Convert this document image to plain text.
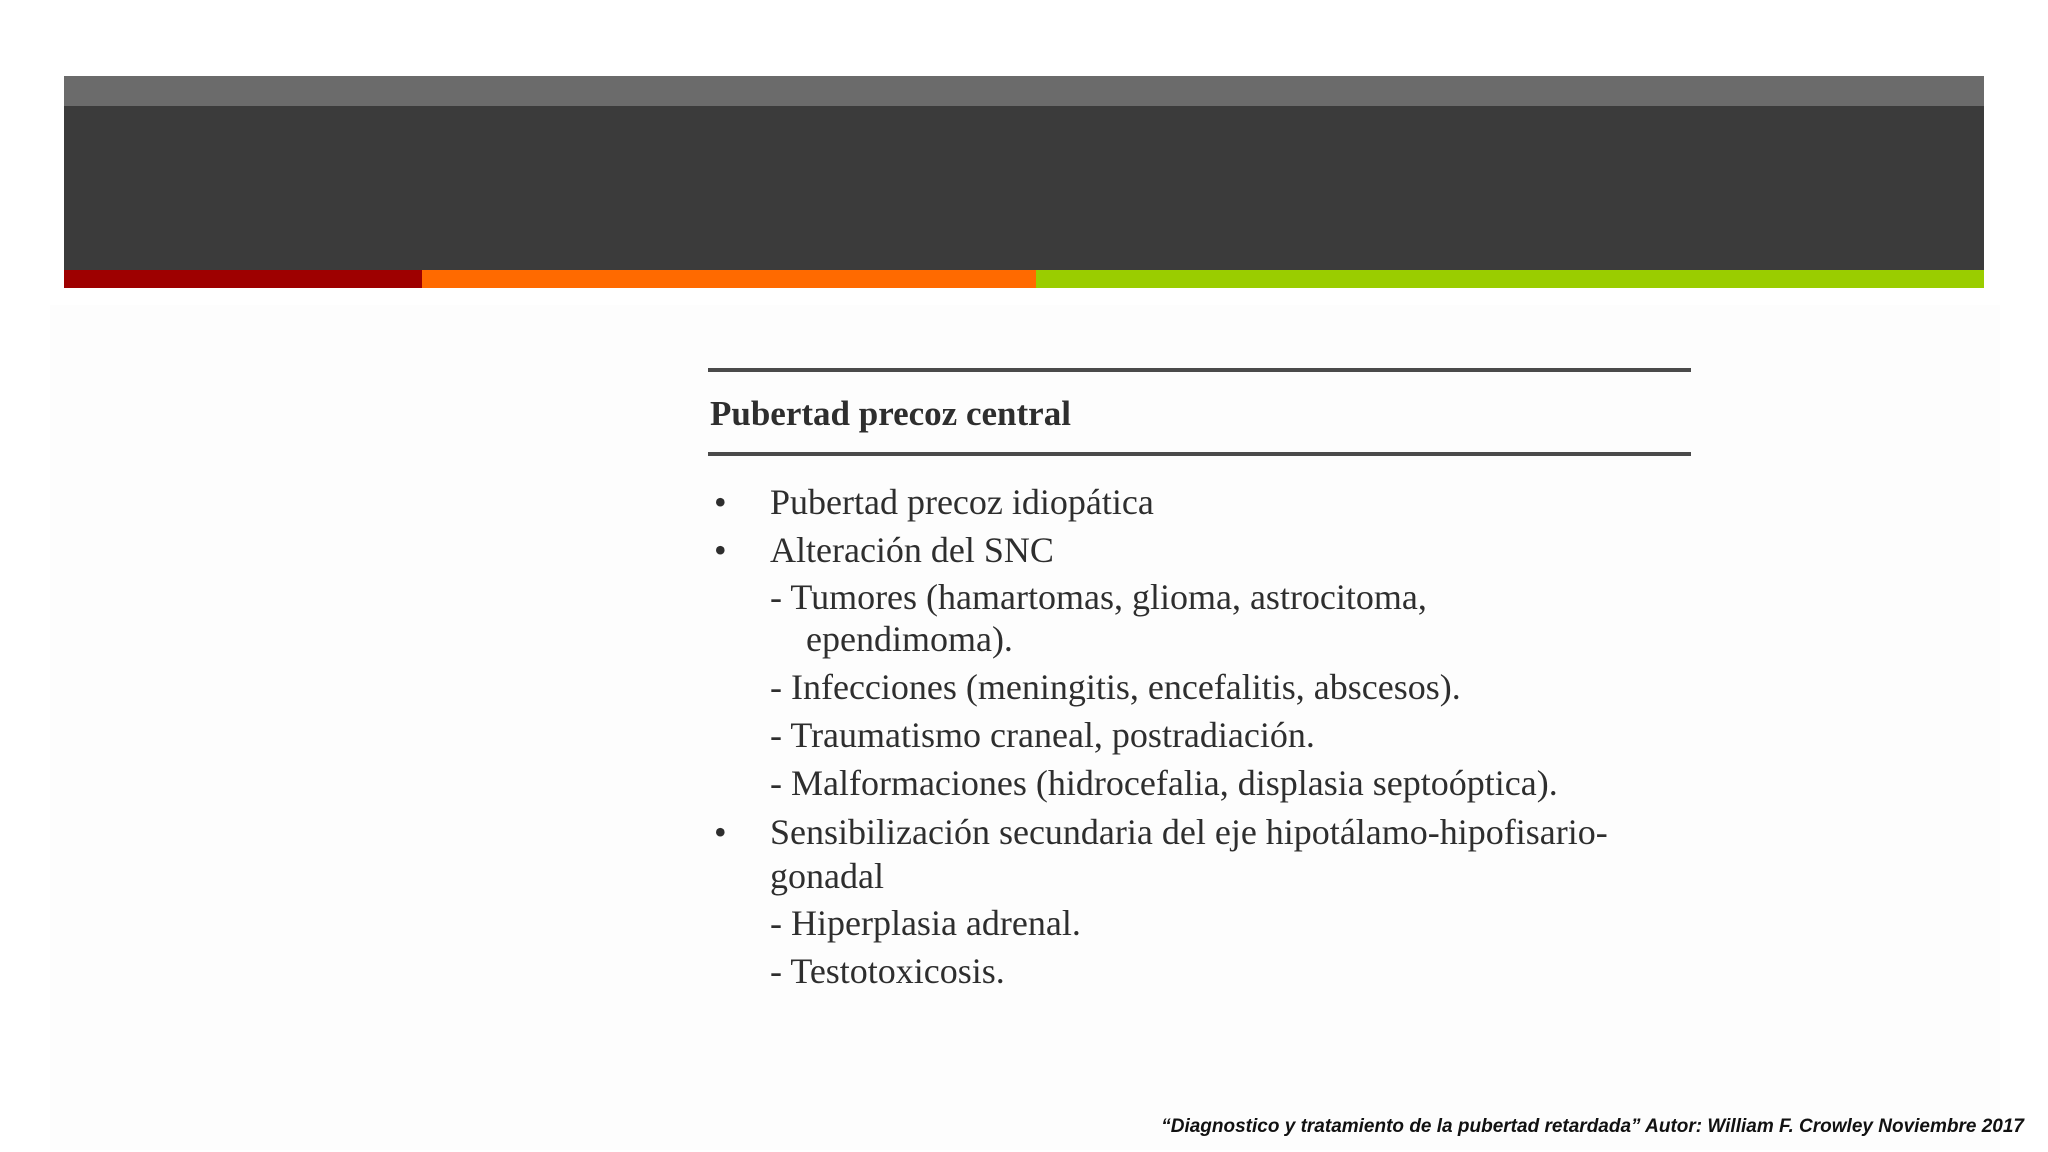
Pubertad precoz central
• Pubertad precoz idiopática
• Alteración del SNC
- Tumores (hamartomas, glioma, astrocitoma,
ependimoma).
- Infecciones (meningitis, encefalitis, abscesos).
- Traumatismo craneal, postradiación.
- Malformaciones (hidrocefalia, displasia septoóptica).
• Sensibilización secundaria del eje hipotálamo-hipofisario-
gonadal
- Hiperplasia adrenal.
- Testotoxicosis.
“Diagnostico y tratamiento de la pubertad retardada” Autor: William F. Crowley Noviembre 2017
